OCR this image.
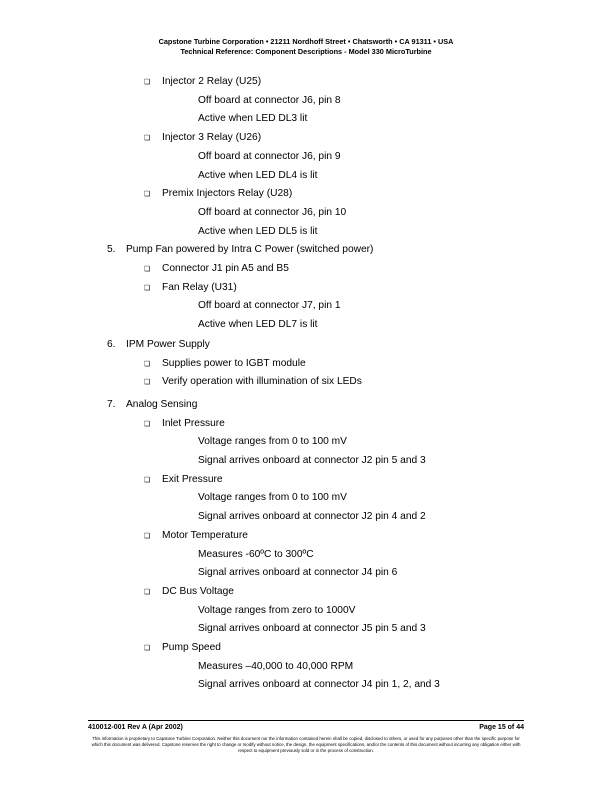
Capstone Turbine Corporation • 21211 Nordhoff Street • Chatsworth • CA 91311 • USA
Technical Reference: Component Descriptions - Model 330 MicroTurbine
❏ Injector 2 Relay (U25)
Off board at connector J6, pin 8
Active when LED DL3 lit
❏ Injector 3 Relay (U26)
Off board at connector J6, pin 9
Active when LED DL4 is lit
❏ Premix Injectors Relay (U28)
Off board at connector J6, pin 10
Active when LED DL5 is lit
5. Pump Fan powered by Intra C Power (switched power)
❏ Connector J1 pin A5 and B5
❏ Fan Relay (U31)
Off board at connector J7, pin 1
Active when LED DL7 is lit
6. IPM Power Supply
❏ Supplies power to IGBT module
❏ Verify operation with illumination of six LEDs
7. Analog Sensing
❏ Inlet Pressure
Voltage ranges from 0 to 100 mV
Signal arrives onboard at connector J2 pin 5 and 3
❏ Exit Pressure
Voltage ranges from 0 to 100 mV
Signal arrives onboard at connector J2 pin 4 and 2
❏ Motor Temperature
Measures -60ºC to 300ºC
Signal arrives onboard at connector J4 pin 6
❏ DC Bus Voltage
Voltage ranges from zero to 1000V
Signal arrives onboard at connector J5 pin 5 and 3
❏ Pump Speed
Measures –40,000 to 40,000 RPM
Signal arrives onboard at connector J4 pin 1, 2, and 3
410012-001 Rev A (Apr 2002)	Page 15 of 44
This information is proprietary to Capstone Turbine Corporation. Neither this document nor the information contained herein shall be copied, disclosed to others, or used for any purposes other than the specific purpose for which this document was delivered. Capstone reserves the right to change or modify without notice, the design, the equipment specifications, and/or the contents of this document without incurring any obligation either with respect to equipment previously sold or in the process of construction.
